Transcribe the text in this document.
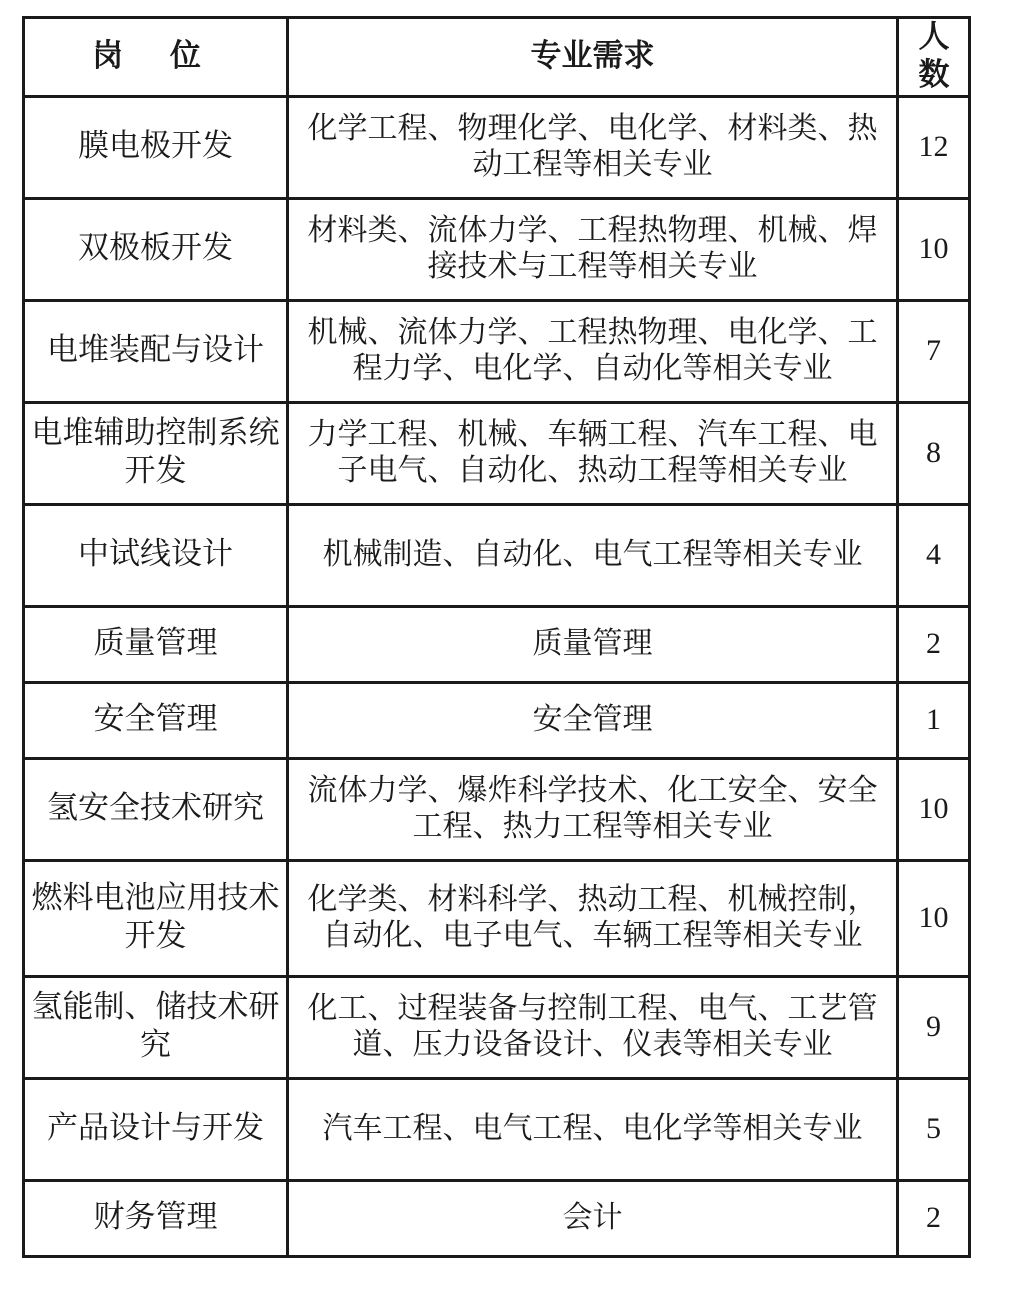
岗 位	专业需求	人数
膜电极开发	化学工程、物理化学、电化学、材料类、热动工程等相关专业	12
双极板开发	材料类、流体力学、工程热物理、机械、焊接技术与工程等相关专业	10
电堆装配与设计	机械、流体力学、工程热物理、电化学、工程力学、电化学、自动化等相关专业	7
电堆辅助控制系统开发	力学工程、机械、车辆工程、汽车工程、电子电气、自动化、热动工程等相关专业	8
中试线设计	机械制造、自动化、电气工程等相关专业	4
质量管理	质量管理	2
安全管理	安全管理	1
氢安全技术研究	流体力学、爆炸科学技术、化工安全、安全工程、热力工程等相关专业	10
燃料电池应用技术开发	化学类、材料科学、热动工程、机械控制，自动化、电子电气、车辆工程等相关专业	10
氢能制、储技术研究	化工、过程装备与控制工程、电气、工艺管道、压力设备设计、仪表等相关专业	9
产品设计与开发	汽车工程、电气工程、电化学等相关专业	5
财务管理	会计	2
